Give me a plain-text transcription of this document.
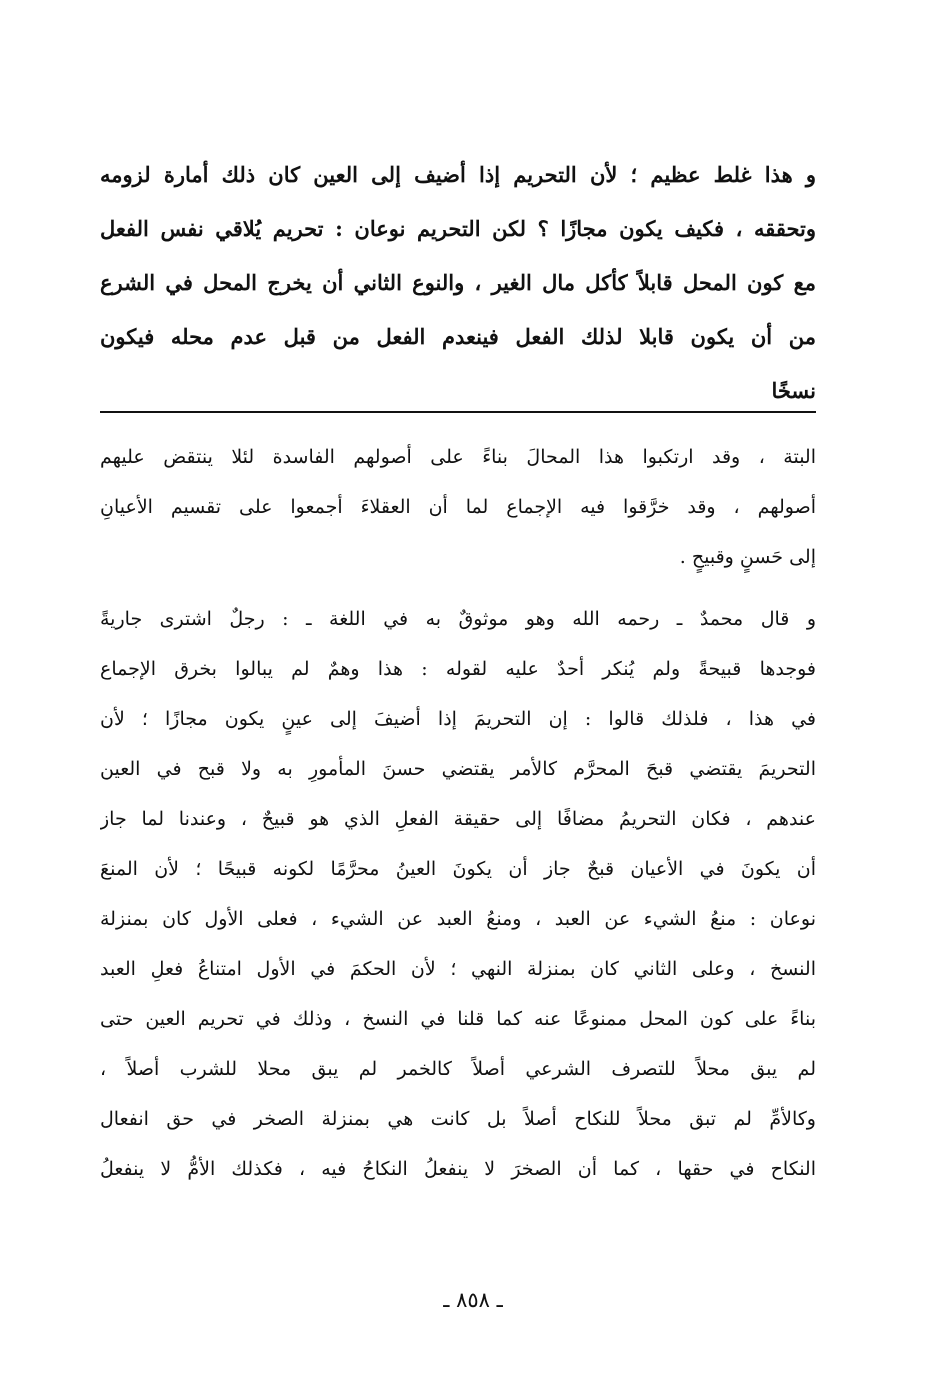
و هذا غلط عظيم ؛ لأن التحريم إذا أضيف إلى العين كان ذلك أمارة لزومه
وتحققه ، فكيف يكون مجازًا ؟ لكن التحريم نوعان : تحريم يُلاقي نفس الفعل
مع كون المحل قابلاً كأكل مال الغير ، والنوع الثاني أن يخرج المحل في الشرع
من أن يكون قابلا لذلك الفعل فينعدم الفعل من قبل عدم محله فيكون
نسخًا
البتة ، وقد ارتكبوا هذا المحالَ بناءً على أصولهم الفاسدة لئلا ينتقض عليهم
أصولهم ، وقد خرَّقوا فيه الإجماع لما أن العقلاءَ أجمعوا على تقسيم الأعيانِ
إلى حَسنٍ وقبيحٍ .
و قال محمدٌ ـ رحمه الله وهو موثوقٌ به في اللغة ـ : رجلٌ اشترى جاريةً
فوجدها قبيحةً ولم يُنكر أحدٌ عليه لقوله : هذا وهمٌ لم يبالوا بخرق الإجماع
في هذا ، فلذلك قالوا : إن التحريمَ إذا أضيفَ إلى عينٍ يكون مجازًا ؛ لأن
التحريمَ يقتضي قبحَ المحرَّم كالأمر يقتضي حسنَ المأمورِ به ولا قبح في العين
عندهم ، فكان التحريمُ مضافًا إلى حقيقة الفعلِ الذي هو قبيحٌ ، وعندنا لما جاز
أن يكونَ في الأعيان قبحٌ جاز أن يكونَ العينُ محرَّمًا لكونه قبيحًا ؛ لأن المنعَ
نوعان : منعُ الشيء عن العبد ، ومنعُ العبد عن الشيء ، فعلى الأول كان بمنزلة
النسخ ، وعلى الثاني كان بمنزلة النهي ؛ لأن الحكمَ في الأول امتناعُ فعلِ العبد
بناءً على كون المحل ممنوعًا عنه كما قلنا في النسخ ، وذلك في تحريم العين حتى
لم يبق محلاً للتصرف الشرعي أصلاً كالخمر لم يبق محلا للشرب أصلاً ،
وكالأمِّ لم تبق محلاً للنكاح أصلاً بل كانت هي بمنزلة الصخر في حق انفعال
النكاح في حقها ، كما أن الصخرَ لا ينفعلُ النكاحُ فيه ، فكذلك الأمُّ لا ينفعلُ
ـ ٨٥٨ ـ
